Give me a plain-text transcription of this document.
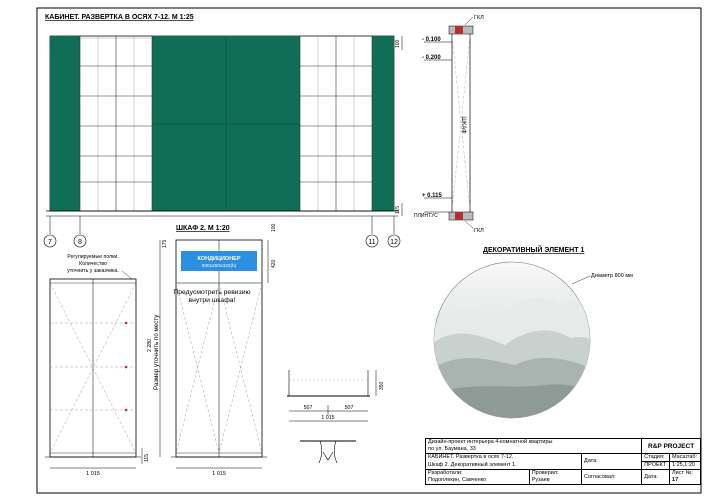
КАБИНЕТ. РАЗВЕРТКА В ОСЯХ 7-12. М 1:25
100
115
7	8	11 12
ГКЛ
- 0.100
- 0.200
ШКАФ
+ 0.115
ПЛИНТУС
ГКЛ
ШКАФ 2. М 1:20
Регулируемые полки.
Количество
уточнить у заказчика.
1 015
115
Размер уточнить по месту
2 280
175
КОНДИЦИОНЕР
900x250x320(h)
Предусмотреть ревизию
внутри шкафа!
1 015
100
420
350
507	507
1 015
ДЕКОРАТИВНЫЙ ЭЛЕМЕНТ 1
Диаметр 800 мм
Дизайн-проект интерьера 4-комнатной квартиры			R&P PROJECT	
по ул. Баумана, 33				
КАБИНЕТ. Развертка в осях 7-12.		Дата:	Стадия:	Масштаб:
Шкаф 2. Декоративный элемент 1.			ПРОЕКТ	1:25,1:20
Разработали:	Проверил:	Согласовал:	Дата:	Лист №:
Подоплекин, Савченко	Рузаев			17
